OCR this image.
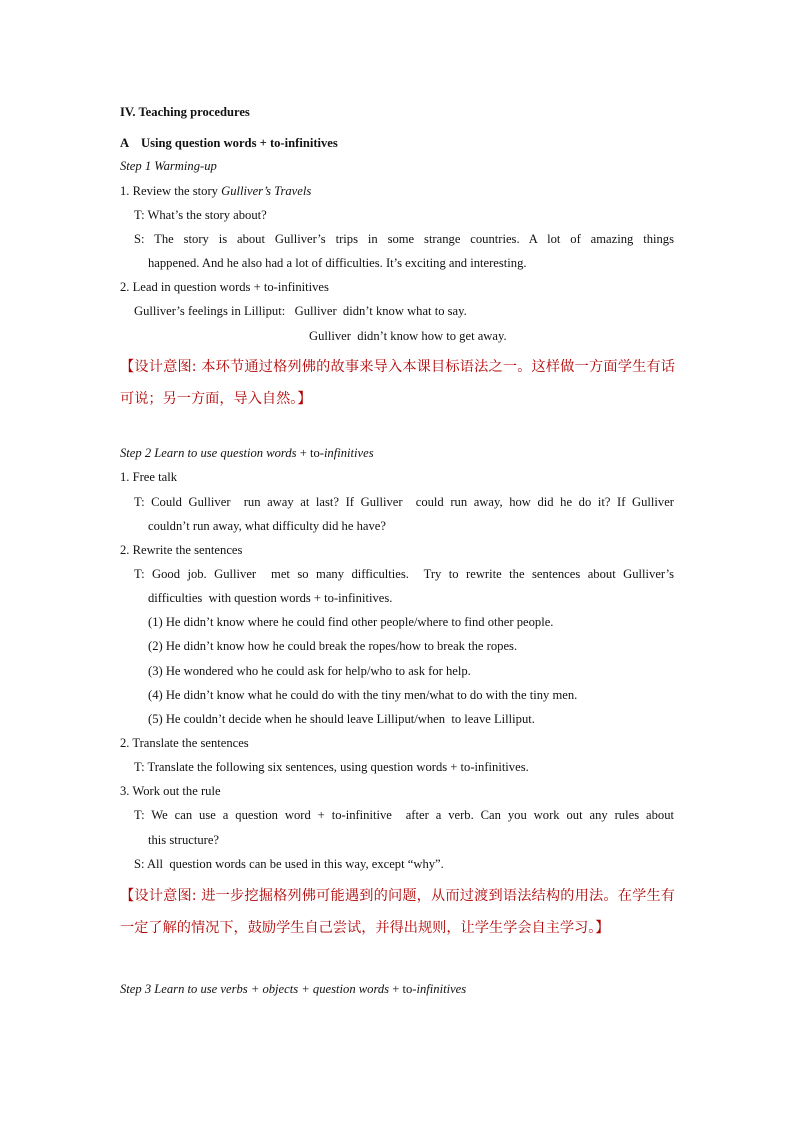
IV. Teaching procedures
A    Using question words + to-infinitives
Step 1 Warming-up
1. Review the story Gulliver’s Travels
T: What’s the story about?
S: The story is about Gulliver’s trips in some strange countries. A lot of amazing things
happened. And he also had a lot of difficulties. It’s exciting and interesting.
2. Lead in question words + to-infinitives
Gulliver’s feelings in Lilliput:   Gulliver  didn’t know what to say.
Gulliver  didn’t know how to get away.
【设计意图: 本环节通过格列佛的故事来导入本课目标语法之一。这样做一方面学生有话可说；另一方面，导入自然。】
Step 2 Learn to use question words + to-infinitives
1. Free talk
T: Could Gulliver  run away at last? If Gulliver  could run away, how did he do it? If Gulliver
couldn’t run away, what difficulty did he have?
2. Rewrite the sentences
T: Good job. Gulliver  met so many difficulties.  Try to rewrite the sentences about Gulliver’s
difficulties  with question words + to-infinitives.
(1) He didn’t know where he could find other people/where to find other people.
(2) He didn’t know how he could break the ropes/how to break the ropes.
(3) He wondered who he could ask for help/who to ask for help.
(4) He didn’t know what he could do with the tiny men/what to do with the tiny men.
(5) He couldn’t decide when he should leave Lilliput/when  to leave Lilliput.
2. Translate the sentences
T: Translate the following six sentences, using question words + to-infinitives.
3. Work out the rule
T: We can use a question word + to-infinitive  after a verb. Can you work out any rules about
this structure?
S: All  question words can be used in this way, except “why”.
【设计意图: 进一步挖掘格列佛可能遇到的问题，从而过渡到语法结构的用法。在学生有一定了解的情况下，鼓励学生自己尝试，并得出规则，让学生学会自主学习。】
Step 3 Learn to use verbs + objects + question words + to-infinitives
